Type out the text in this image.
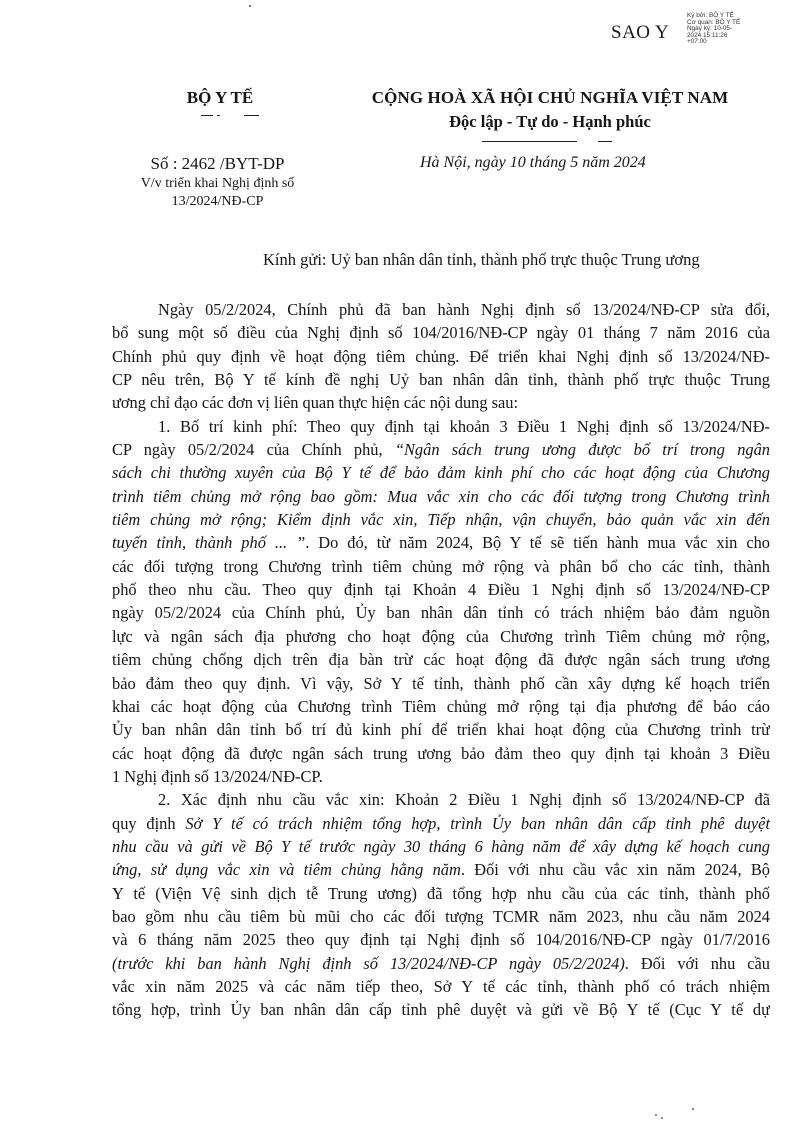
SAO Y
Ký bởi: BỘ Y TẾ
Cơ quan: BỘ Y TẾ
Ngày ký: 10-05-
2024 15:11:26
+07:00
BỘ Y TẾ	CỘNG HOÀ XÃ HỘI CHỦ NGHĨA VIỆT NAM
Độc lập - Tự do - Hạnh phúc
Số : 2462 /BYT-DP
V/v triển khai Nghị định số
13/2024/NĐ-CP
Hà Nội, ngày 10 tháng 5 năm 2024
Kính gửi: Uỷ ban nhân dân tỉnh, thành phố trực thuộc Trung ương
Ngày 05/2/2024, Chính phủ đã ban hành Nghị định số 13/2024/NĐ-CP sửa đổi,
bổ sung một số điều của Nghị định số 104/2016/NĐ-CP ngày 01 tháng 7 năm 2016 của
Chính phủ quy định về hoạt động tiêm chủng. Để triển khai Nghị định số 13/2024/NĐ-
CP nêu trên, Bộ Y tế kính đề nghị Uỷ ban nhân dân tỉnh, thành phố trực thuộc Trung
ương chỉ đạo các đơn vị liên quan thực hiện các nội dung sau:
1. Bố trí kinh phí: Theo quy định tại khoản 3 Điều 1 Nghị định số 13/2024/NĐ-
CP ngày 05/2/2024 của Chính phủ, “Ngân sách trung ương được bố trí trong ngân
sách chi thường xuyên của Bộ Y tế để bảo đảm kinh phí cho các hoạt động của Chương
trình tiêm chủng mở rộng bao gồm: Mua vắc xin cho các đối tượng trong Chương trình
tiêm chủng mở rộng; Kiểm định vắc xin, Tiếp nhận, vận chuyển, bảo quản vắc xin đến
tuyến tỉnh, thành phố ... ”. Do đó, từ năm 2024, Bộ Y tế sẽ tiến hành mua vắc xin cho
các đối tượng trong Chương trình tiêm chủng mở rộng và phân bổ cho các tỉnh, thành
phố theo nhu cầu. Theo quy định tại Khoản 4 Điều 1 Nghị định số 13/2024/NĐ-CP
ngày 05/2/2024 của Chính phủ, Ủy ban nhân dân tỉnh có trách nhiệm bảo đảm nguồn
lực và ngân sách địa phương cho hoạt động của Chương trình Tiêm chủng mở rộng,
tiêm chủng chống dịch trên địa bàn trừ các hoạt động đã được ngân sách trung ương
bảo đảm theo quy định. Vì vậy, Sở Y tế tỉnh, thành phố cần xây dựng kế hoạch triển
khai các hoạt động của Chương trình Tiêm chủng mở rộng tại địa phương để báo cáo
Ủy ban nhân dân tỉnh bố trí đủ kinh phí để triển khai hoạt động của Chương trình trừ
các hoạt động đã được ngân sách trung ương bảo đảm theo quy định tại khoản 3 Điều
1 Nghị định số 13/2024/NĐ-CP.
2. Xác định nhu cầu vắc xin: Khoản 2 Điều 1 Nghị định số 13/2024/NĐ-CP đã
quy định Sở Y tế có trách nhiệm tổng hợp, trình Ủy ban nhân dân cấp tỉnh phê duyệt
nhu cầu và gửi về Bộ Y tế trước ngày 30 tháng 6 hàng năm để xây dựng kế hoạch cung
ứng, sử dụng vắc xin và tiêm chủng hằng năm. Đối với nhu cầu vắc xin năm 2024, Bộ
Y tế (Viện Vệ sinh dịch tễ Trung ương) đã tổng hợp nhu cầu của các tỉnh, thành phố
bao gồm nhu cầu tiêm bù mũi cho các đối tượng TCMR năm 2023, nhu cầu năm 2024
và 6 tháng năm 2025 theo quy định tại Nghị định số 104/2016/NĐ-CP ngày 01/7/2016
(trước khi ban hành Nghị định số 13/2024/NĐ-CP ngày 05/2/2024). Đối với nhu cầu
vắc xin năm 2025 và các năm tiếp theo, Sở Y tế các tỉnh, thành phố có trách nhiệm
tổng hợp, trình Ủy ban nhân dân cấp tỉnh phê duyệt và gửi về Bộ Y tế (Cục Y tế dự
